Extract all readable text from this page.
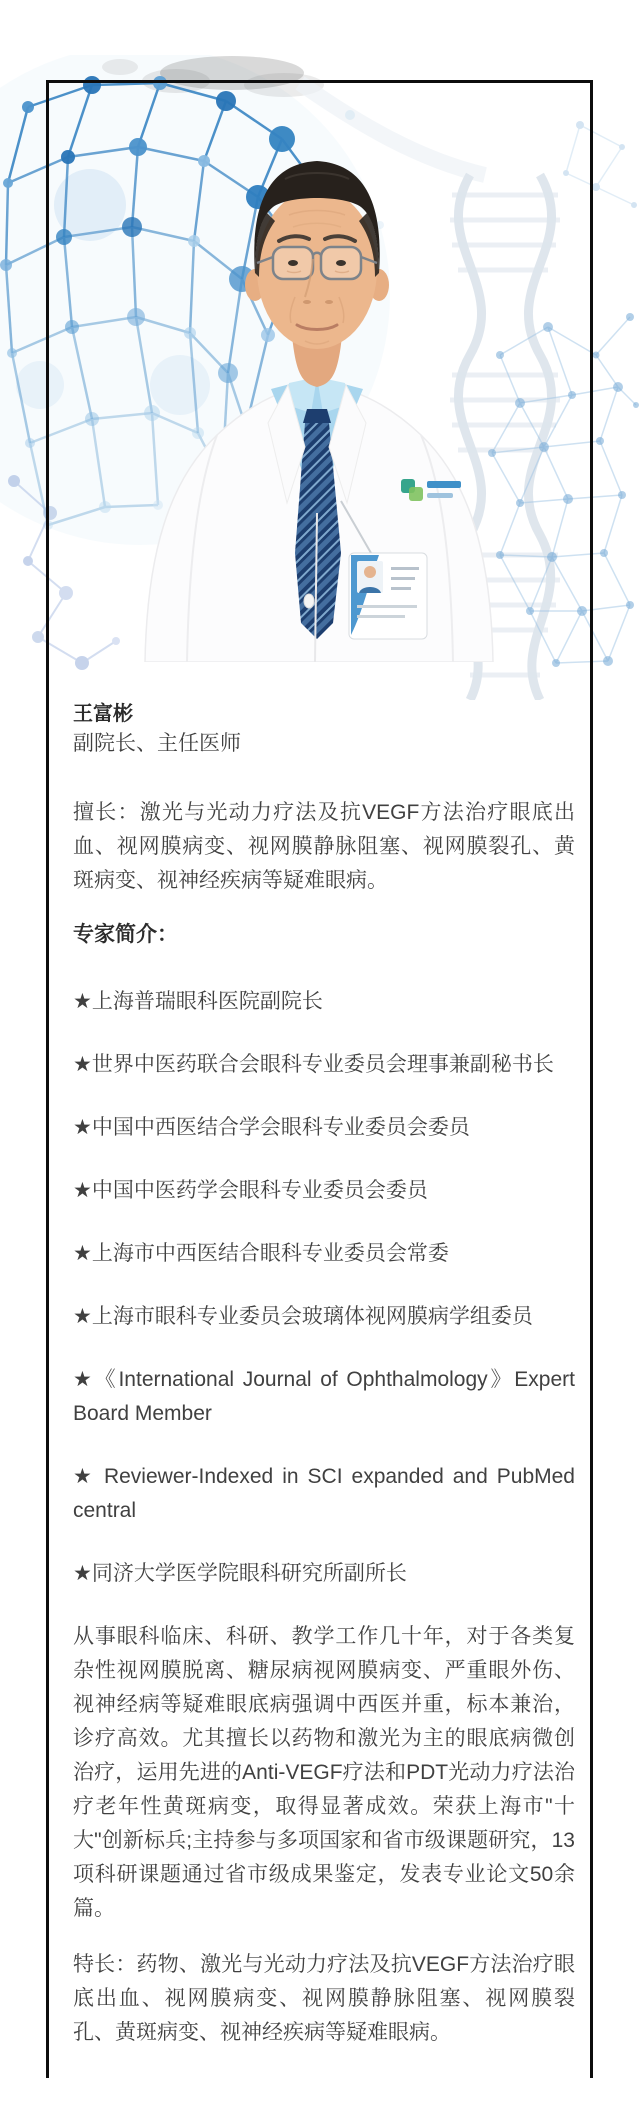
王富彬
副院长、主任医师

擅长：激光与光动力疗法及抗VEGF方法治疗眼底出血、视网膜病变、视网膜静脉阻塞、视网膜裂孔、黄斑病变、视神经疾病等疑难眼病。

专家简介：

★上海普瑞眼科医院副院长

★世界中医药联合会眼科专业委员会理事兼副秘书长

★中国中西医结合学会眼科专业委员会委员

★中国中医药学会眼科专业委员会委员

★上海市中西医结合眼科专业委员会常委

★上海市眼科专业委员会玻璃体视网膜病学组委员

★《International Journal of Ophthalmology》Expert Board Member

★ Reviewer-Indexed in SCI expanded and PubMed central

★同济大学医学院眼科研究所副所长

从事眼科临床、科研、教学工作几十年，对于各类复杂性视网膜脱离、糖尿病视网膜病变、严重眼外伤、视神经病等疑难眼底病强调中西医并重，标本兼治，诊疗高效。尤其擅长以药物和激光为主的眼底病微创治疗，运用先进的Anti-VEGF疗法和PDT光动力疗法治疗老年性黄斑病变，取得显著成效。荣获上海市"十大"创新标兵;主持参与多项国家和省市级课题研究，13项科研课题通过省市级成果鉴定，发表专业论文50余篇。

特长：药物、激光与光动力疗法及抗VEGF方法治疗眼底出血、视网膜病变、视网膜静脉阻塞、视网膜裂孔、黄斑病变、视神经疾病等疑难眼病。
